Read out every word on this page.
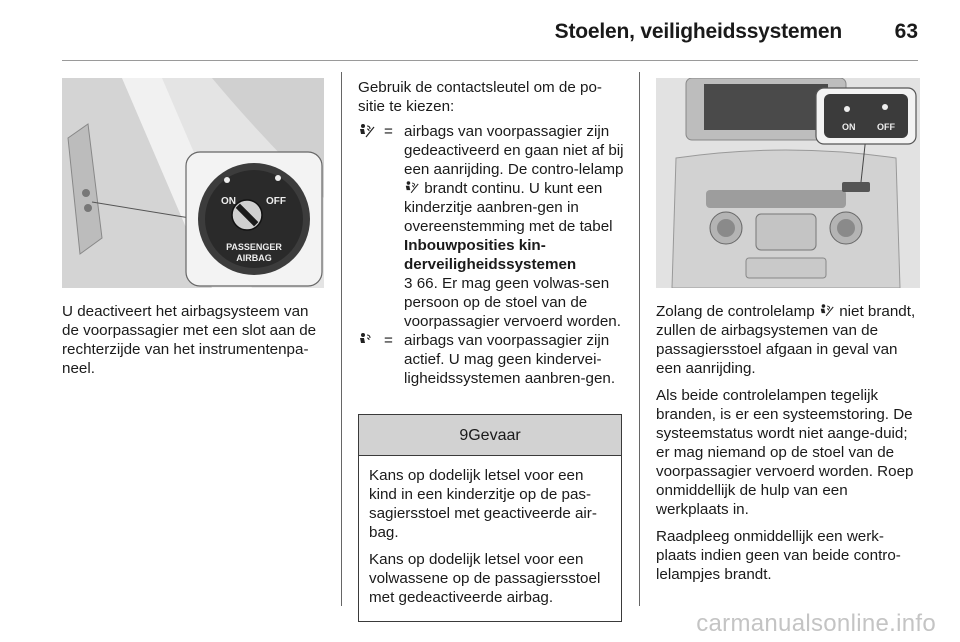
Stoelen, veiligheidssystemen	63
ON	OFF
PASSENGER
AIRBAG
ON OFF
U deactiveert het airbagsysteem van de voorpassagier met een slot aan de rechterzijde van het instrumentenpa-neel.

Gebruik de contactsleutel om de po-sitie te kiezen:

= airbags van voorpassagier zijn gedeactiveerd en gaan niet af bij een aanrijding. De contro-lelamp  brandt continu. U kunt een kinderzitje aanbren-gen in overeenstemming met de tabel Inbouwposities kin-derveiligheidssystemen
3 66. Er mag geen volwas-sen persoon op de stoel van de voorpassagier vervoerd worden.
= airbags van voorpassagier zijn actief. U mag geen kindervei-ligheidssystemen aanbren-gen.
9 Gevaar

Kans op dodelijk letsel voor een kind in een kinderzitje op de pas-sagiersstoel met geactiveerde air-bag.

Kans op dodelijk letsel voor een volwassene op de passagiersstoel met gedeactiveerde airbag.

Zolang de controlelamp niet brandt, zullen de airbagsystemen van de passagiersstoel afgaan in geval van een aanrijding.

Als beide controlelampen tegelijk branden, is er een systeemstoring. De systeemstatus wordt niet aange-duid; er mag niemand op de stoel van de voorpassagier vervoerd worden. Roep onmiddellijk de hulp van een werkplaats in.

Raadpleeg onmiddellijk een werk-plaats indien geen van beide contro-lelampjes brandt.

carmanualsonline.info
